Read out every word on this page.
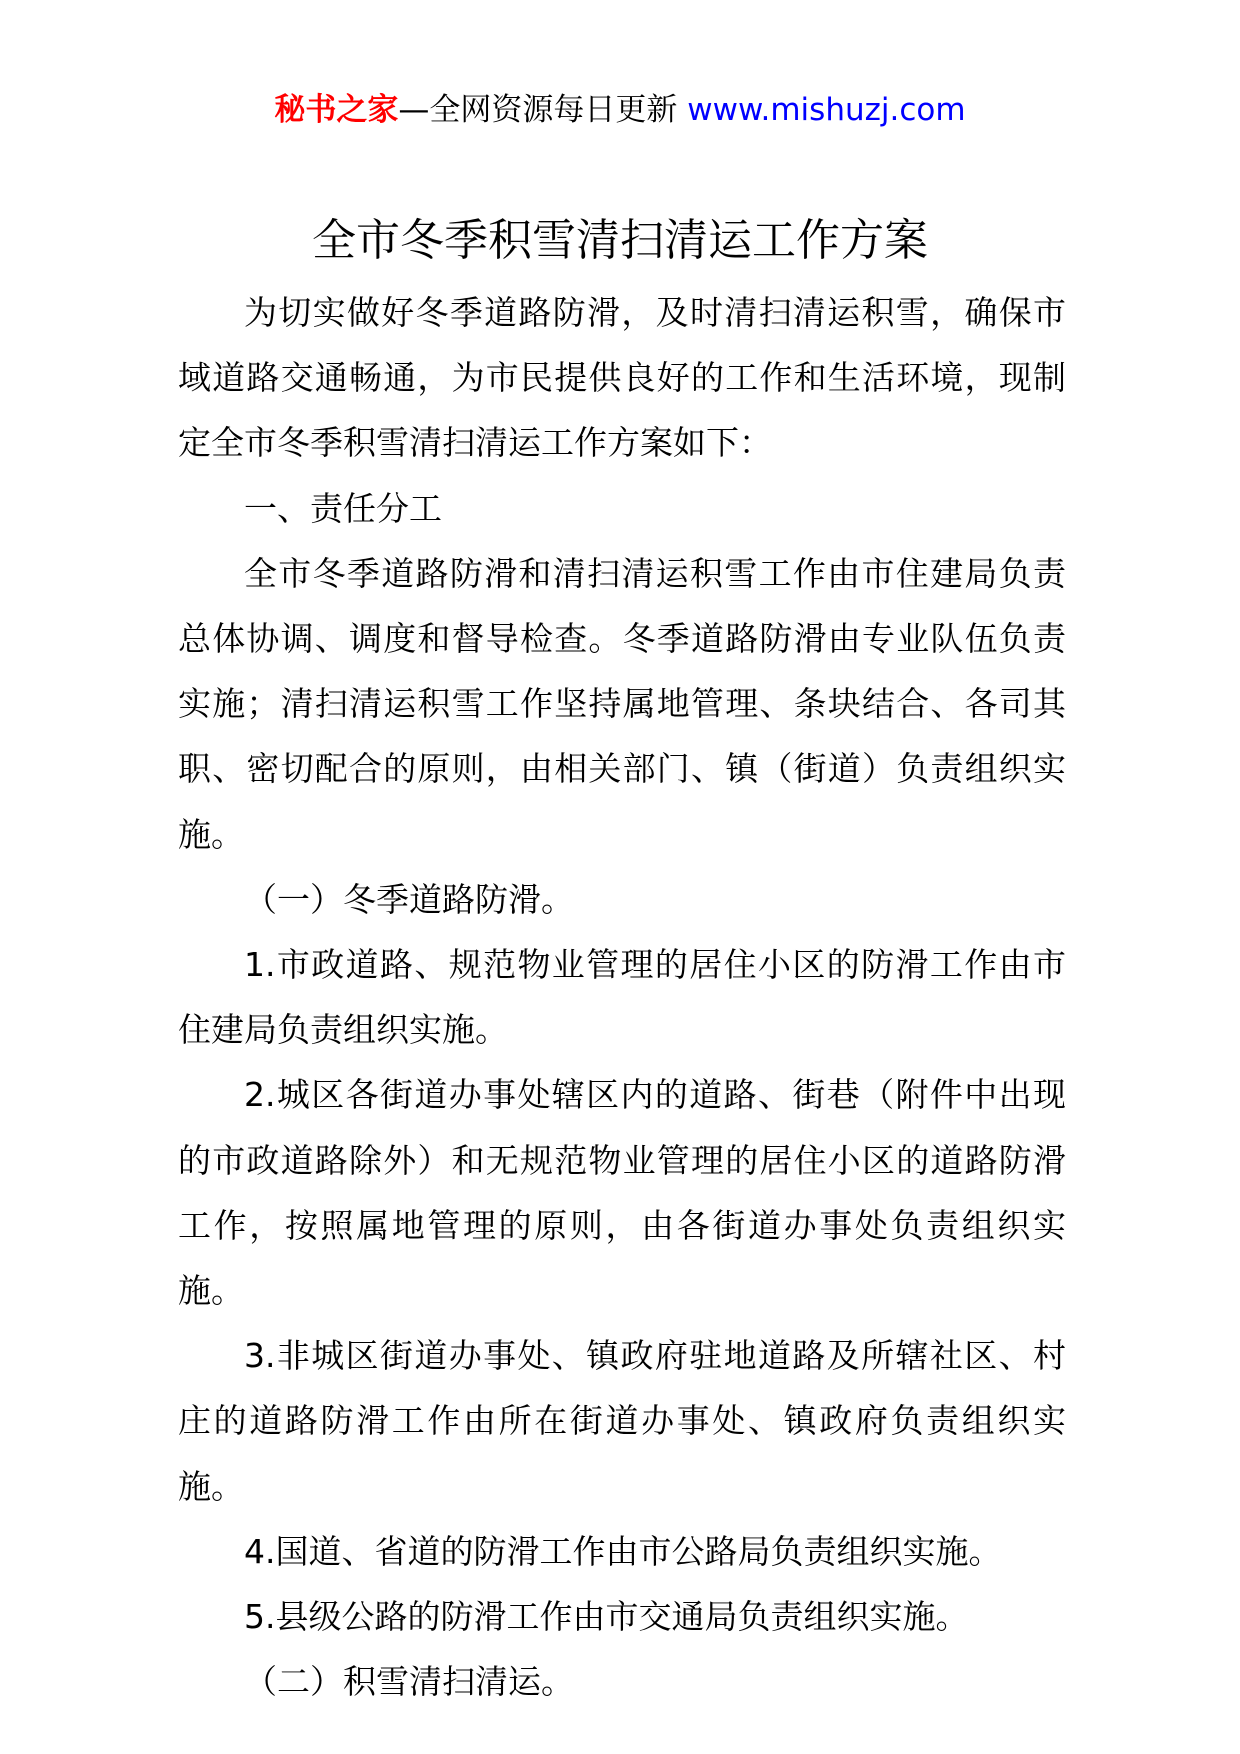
秘书之家—全网资源每日更新 www.mishuzj.com
全市冬季积雪清扫清运工作方案

为切实做好冬季道路防滑，及时清扫清运积雪，确保市域道路交通畅通，为市民提供良好的工作和生活环境，现制定全市冬季积雪清扫清运工作方案如下：

一、责任分工

全市冬季道路防滑和清扫清运积雪工作由市住建局负责总体协调、调度和督导检查。冬季道路防滑由专业队伍负责实施；清扫清运积雪工作坚持属地管理、条块结合、各司其职、密切配合的原则，由相关部门、镇（街道）负责组织实施。

（一）冬季道路防滑。

1.市政道路、规范物业管理的居住小区的防滑工作由市住建局负责组织实施。

2.城区各街道办事处辖区内的道路、街巷（附件中出现的市政道路除外）和无规范物业管理的居住小区的道路防滑工作，按照属地管理的原则，由各街道办事处负责组织实施。

3.非城区街道办事处、镇政府驻地道路及所辖社区、村庄的道路防滑工作由所在街道办事处、镇政府负责组织实施。

4.国道、省道的防滑工作由市公路局负责组织实施。

5.县级公路的防滑工作由市交通局负责组织实施。

（二）积雪清扫清运。
